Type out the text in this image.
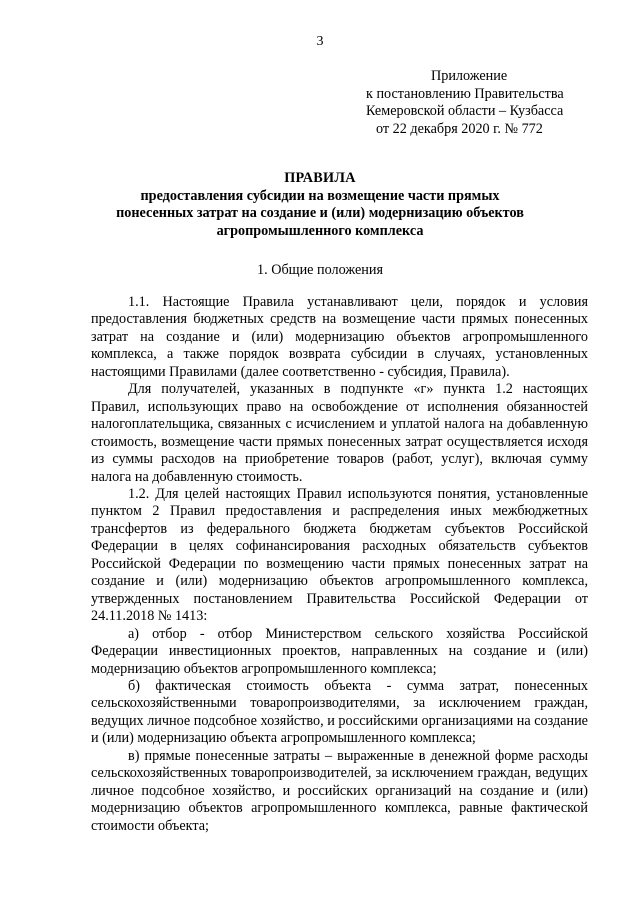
3
Приложение
к постановлению Правительства
Кемеровской области – Кузбасса
от 22 декабря 2020 г. № 772
ПРАВИЛА
предоставления субсидии на возмещение части прямых
понесенных затрат на создание и (или) модернизацию объектов
агропромышленного комплекса
1. Общие положения

1.1. Настоящие Правила устанавливают цели, порядок и условия предоставления бюджетных средств на возмещение части прямых понесенных затрат на создание и (или) модернизацию объектов агропромышленного комплекса, а также порядок возврата субсидии в случаях, установленных настоящими Правилами (далее соответственно - субсидия, Правила).

Для получателей, указанных в подпункте «г» пункта 1.2 настоящих Правил, использующих право на освобождение от исполнения обязанностей налогоплательщика, связанных с исчислением и уплатой налога на добавленную стоимость, возмещение части прямых понесенных затрат осуществляется исходя из суммы расходов на приобретение товаров (работ, услуг), включая сумму налога на добавленную стоимость.

1.2. Для целей настоящих Правил используются понятия, установленные пунктом 2 Правил предоставления и распределения иных межбюджетных трансфертов из федерального бюджета бюджетам субъектов Российской Федерации в целях софинансирования расходных обязательств субъектов Российской Федерации по возмещению части прямых понесенных затрат на создание и (или) модернизацию объектов агропромышленного комплекса, утвержденных постановлением Правительства Российской Федерации от 24.11.2018 № 1413:

а) отбор - отбор Министерством сельского хозяйства Российской Федерации инвестиционных проектов, направленных на создание и (или) модернизацию объектов агропромышленного комплекса;

б) фактическая стоимость объекта - сумма затрат, понесенных сельскохозяйственными товаропроизводителями, за исключением граждан, ведущих личное подсобное хозяйство, и российскими организациями на создание и (или) модернизацию объекта агропромышленного комплекса;

в) прямые понесенные затраты – выраженные в денежной форме расходы сельскохозяйственных товаропроизводителей, за исключением граждан, ведущих личное подсобное хозяйство, и российских организаций на создание и (или) модернизацию объектов агропромышленного комплекса, равные фактической стоимости объекта;
